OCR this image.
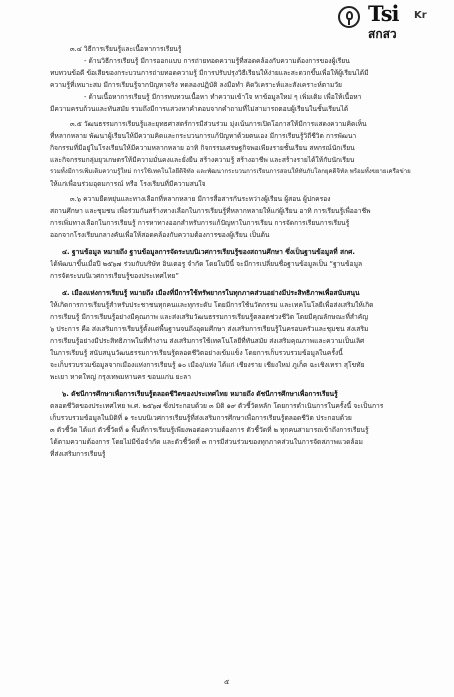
Tsi
สกสว
Kr
๓.๔ วิธีการเรียนรู้และเนื้อหาการเรียนรู้
- ด้านวิธีการเรียนรู้ มีการออกแบบ การถ่ายทอดความรู้ที่สอดคล้องกับความต้องการของผู้เรียน
ทบทวนข้อดี ข้อเสียของกระบวนการถ่ายทอดความรู้ มีการปรับปรุงวิธีเรียนให้ง่ายและสะดวกขึ้นเพื่อให้ผู้เรียนได้มี
ความรู้ที่เหมาะสม มีการเรียนรู้จากปัญหาจริง ทดลองปฏิบัติ ลงมือทำ คิดวิเคราะห์และสังเคราะห์ตามวัย
- ด้านเนื้อหาการเรียนรู้ มีการทบทวนเนื้อหา ทำความเข้าใจ หาข้อมูลใหม่ ๆ เพิ่มเติม เพื่อให้เนื้อหา
มีความครบถ้วนและทันสมัย รวมถึงมีการแสวงหาคำตอบจากคำถามที่ไม่สามารถตอบผู้เรียนในชั้นเรียนได้
๓.๕ วัฒนธรรมการเรียนรู้และยุทธศาสตร์การมีส่วนร่วม มุ่งเน้นการเปิดโอกาสให้มีการแสดงความคิดเห็น
ที่หลากหลาย พัฒนาผู้เรียนให้มีความคิดและกระบวนการแก้ปัญหาด้วยตนเอง มีการเรียนรู้วิถีชีวิต การพัฒนา
กิจกรรมที่มีอยู่ในโรงเรียนให้มีความหลากหลาย อาทิ กิจกรรมเศรษฐกิจพอเพียงรายชั้นเรียน สหกรณ์นักเรียน
และกิจกรรมกลุ่มยุวเกษตรให้มีความมั่นคงและยั่งยืน สร้างความรู้ สร้างอาชีพ และสร้างรายได้ให้กับนักเรียน
รวมทั้งมีการเพิ่มเติมความรู้ใหม่ การใช้เทคโนโลยีดิจิทัล และพัฒนากระบวนการเรียนการสอนให้ทันกับโลกยุคดิจิทัล พร้อมทั้งขยายเครือข่าย
ให้แก่เพื่อนร่วมอุดมการณ์ หรือ โรงเรียนที่มีความสนใจ
๓.๖ ความยืดหยุ่นและทางเลือกที่หลากหลาย มีการสื่อสารกันระหว่างผู้เรียน ผู้สอน ผู้ปกครอง
สถานศึกษา และชุมชน เพื่อร่วมกันสร้างทางเลือกในการเรียนรู้ที่หลากหลายให้แก่ผู้เรียน อาทิ การเรียนรู้เพื่ออาชีพ
การเพิ่มทางเลือกในการเรียนรู้ การหาทางออกสำหรับการแก้ปัญหาในการเรียน การจัดการเรียนการเรียนรู้
ออกจากโรงเรียนกลางคันเพื่อให้สอดคล้องกับความต้องการของผู้เรียน เป็นต้น
๔. ฐานข้อมูล หมายถึง ฐานข้อมูลการจัดระบบนิเวศการเรียนรู้ของสถานศึกษา ซึ่งเป็นฐานข้อมูลที่ สกศ.
ได้พัฒนาขึ้นเมื่อปี ๒๕๖๗ ร่วมกับบริษัท อินเตอรู จำกัด โดยในปีนี้ จะมีการเปลี่ยนชื่อฐานข้อมูลเป็น “ฐานข้อมูล
การจัดระบบนิเวศการเรียนรู้ของประเทศไทย”
๕. เมืองแห่งการเรียนรู้ หมายถึง เมืองที่มีการใช้ทรัพยากรในทุกภาคส่วนอย่างมีประสิทธิภาพเพื่อสนับสนุน
ให้เกิดการการเรียนรู้สำหรับประชาชนทุกคนและทุกระดับ โดยมีการใช้นวัตกรรม และเทคโนโลยีเพื่อส่งเสริมให้เกิด
การเรียนรู้ มีการเรียนรู้อย่างมีคุณภาพ และส่งเสริมวัฒนธรรมการเรียนรู้ตลอดช่วงชีวิต โดยมีคุณลักษณะที่สำคัญ
๖ ประการ คือ ส่งเสริมการเรียนรู้ตั้งแต่พื้นฐานจนถึงอุดมศึกษา ส่งเสริมการเรียนรู้ในครอบครัวและชุมชน ส่งเสริม
การเรียนรู้อย่างมีประสิทธิภาพในที่ทำงาน ส่งเสริมการใช้เทคโนโลยีที่ทันสมัย ส่งเสริมคุณภาพและความเป็นเลิศ
ในการเรียนรู้ สนับสนุนวัฒนธรรมการเรียนรู้ตลอดชีวิตอย่างเข้มแข็ง โดยการเก็บรวบรวมข้อมูลในครั้งนี้
จะเก็บรวบรวมข้อมูลจากเมืองแห่งการเรียนรู้ ๑๐ เมือง/แห่ง ได้แก่ เชียงราย เชียงใหม่ ภูเก็ต ฉะเชิงเทรา สุโขทัย
พะเยา หาดใหญ่ กรุงเทพมหานคร ขอนแก่น ยะลา
๖. ดัชนีการศึกษาเพื่อการเรียนรู้ตลอดชีวิตของประเทศไทย หมายถึง ดัชนีการศึกษาเพื่อการเรียนรู้
ตลอดชีวิตของประเทศไทย พ.ศ. ๒๕๖๗ ซึ่งประกอบด้วย ๓ มิติ ๑๙ ตัวชี้วัดหลัก โดยการดำเนินการในครั้งนี้ จะเป็นการ
เก็บรวบรวมข้อมูลในมิติที่ ๑ ระบบนิเวศการเรียนรู้ที่ส่งเสริมการศึกษาเพื่อการเรียนรู้ตลอดชีวิต ประกอบด้วย
๓ ตัวชี้วัด ได้แก่ ตัวชี้วัดที่ ๑ พื้นที่การเรียนรู้เพียงพอต่อความต้องการ ตัวชี้วัดที่ ๒ ทุกคนสามารถเข้าถึงการเรียนรู้
ได้ตามความต้องการ โดยไม่มีข้อจำกัด และตัวชี้วัดที่ ๓ การมีส่วนร่วมของทุกภาคส่วนในการจัดสภาพแวดล้อม
ที่ส่งเสริมการเรียนรู้
๕
